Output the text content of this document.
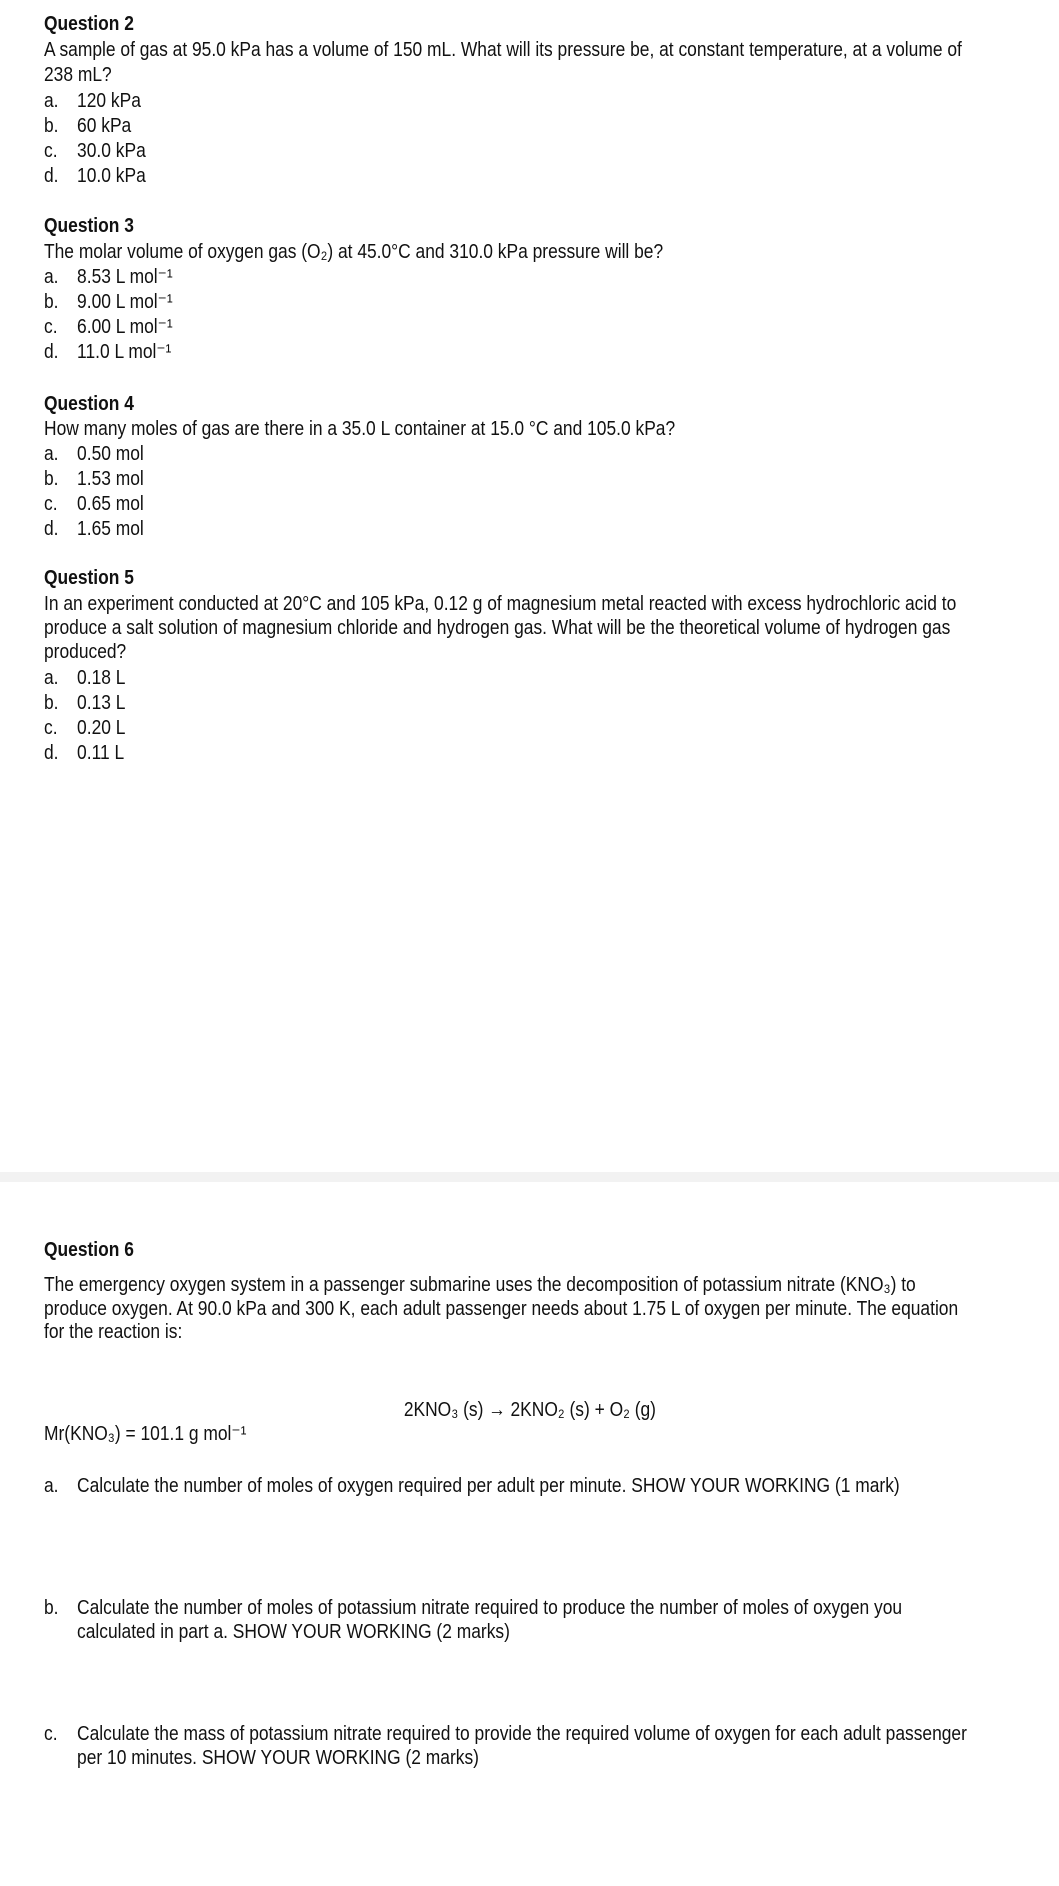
Question 2
A sample of gas at 95.0 kPa has a volume of 150 mL. What will its pressure be, at constant temperature, at a volume of
238 mL?
a. 120 kPa
b. 60 kPa
c. 30.0 kPa
d. 10.0 kPa
Question 3
The molar volume of oxygen gas (O₂) at 45.0°C and 310.0 kPa pressure will be?
a. 8.53 L mol⁻¹
b. 9.00 L mol⁻¹
c. 6.00 L mol⁻¹
d. 11.0 L mol⁻¹
Question 4
How many moles of gas are there in a 35.0 L container at 15.0 °C and 105.0 kPa?
a. 0.50 mol
b. 1.53 mol
c. 0.65 mol
d. 1.65 mol
Question 5
In an experiment conducted at 20°C and 105 kPa, 0.12 g of magnesium metal reacted with excess hydrochloric acid to
produce a salt solution of magnesium chloride and hydrogen gas. What will be the theoretical volume of hydrogen gas
produced?
a. 0.18 L
b. 0.13 L
c. 0.20 L
d. 0.11 L
Question 6
The emergency oxygen system in a passenger submarine uses the decomposition of potassium nitrate (KNO₃) to
produce oxygen. At 90.0 kPa and 300 K, each adult passenger needs about 1.75 L of oxygen per minute. The equation
for the reaction is:
2KNO₃ (s) → 2KNO₂ (s) + O₂ (g)
Mr(KNO₃) = 101.1 g mol⁻¹
a. Calculate the number of moles of oxygen required per adult per minute. SHOW YOUR WORKING (1 mark)
b. Calculate the number of moles of potassium nitrate required to produce the number of moles of oxygen you
calculated in part a. SHOW YOUR WORKING (2 marks)
c. Calculate the mass of potassium nitrate required to provide the required volume of oxygen for each adult passenger
per 10 minutes. SHOW YOUR WORKING (2 marks)
